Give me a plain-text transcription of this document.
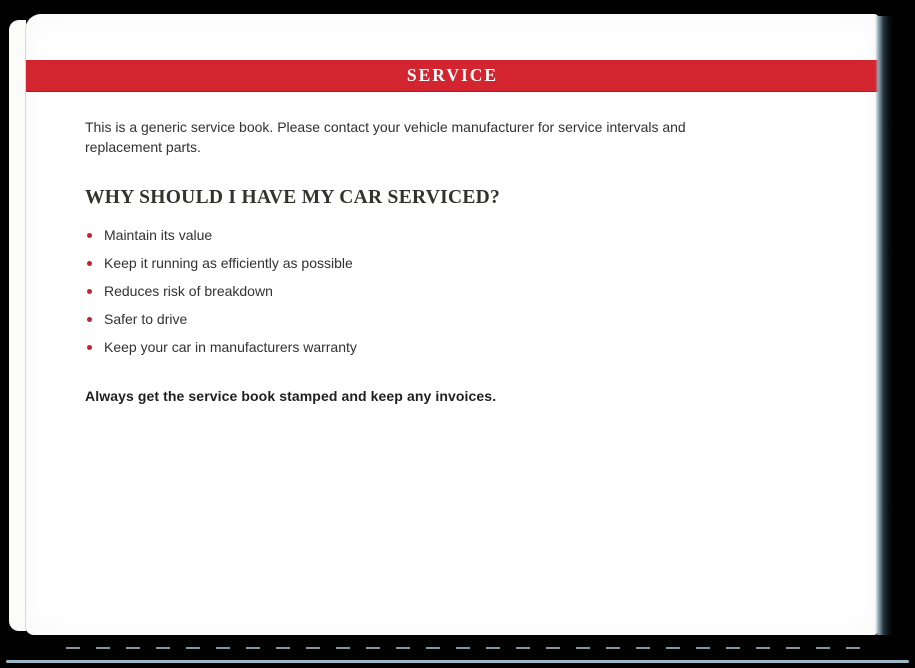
SERVICE

This is a generic service book. Please contact your vehicle manufacturer for service intervals and replacement parts.

WHY SHOULD I HAVE MY CAR SERVICED?
Maintain its value
Keep it running as efficiently as possible
Reduces risk of breakdown
Safer to drive
Keep your car in manufacturers warranty

Always get the service book stamped and keep any invoices.
